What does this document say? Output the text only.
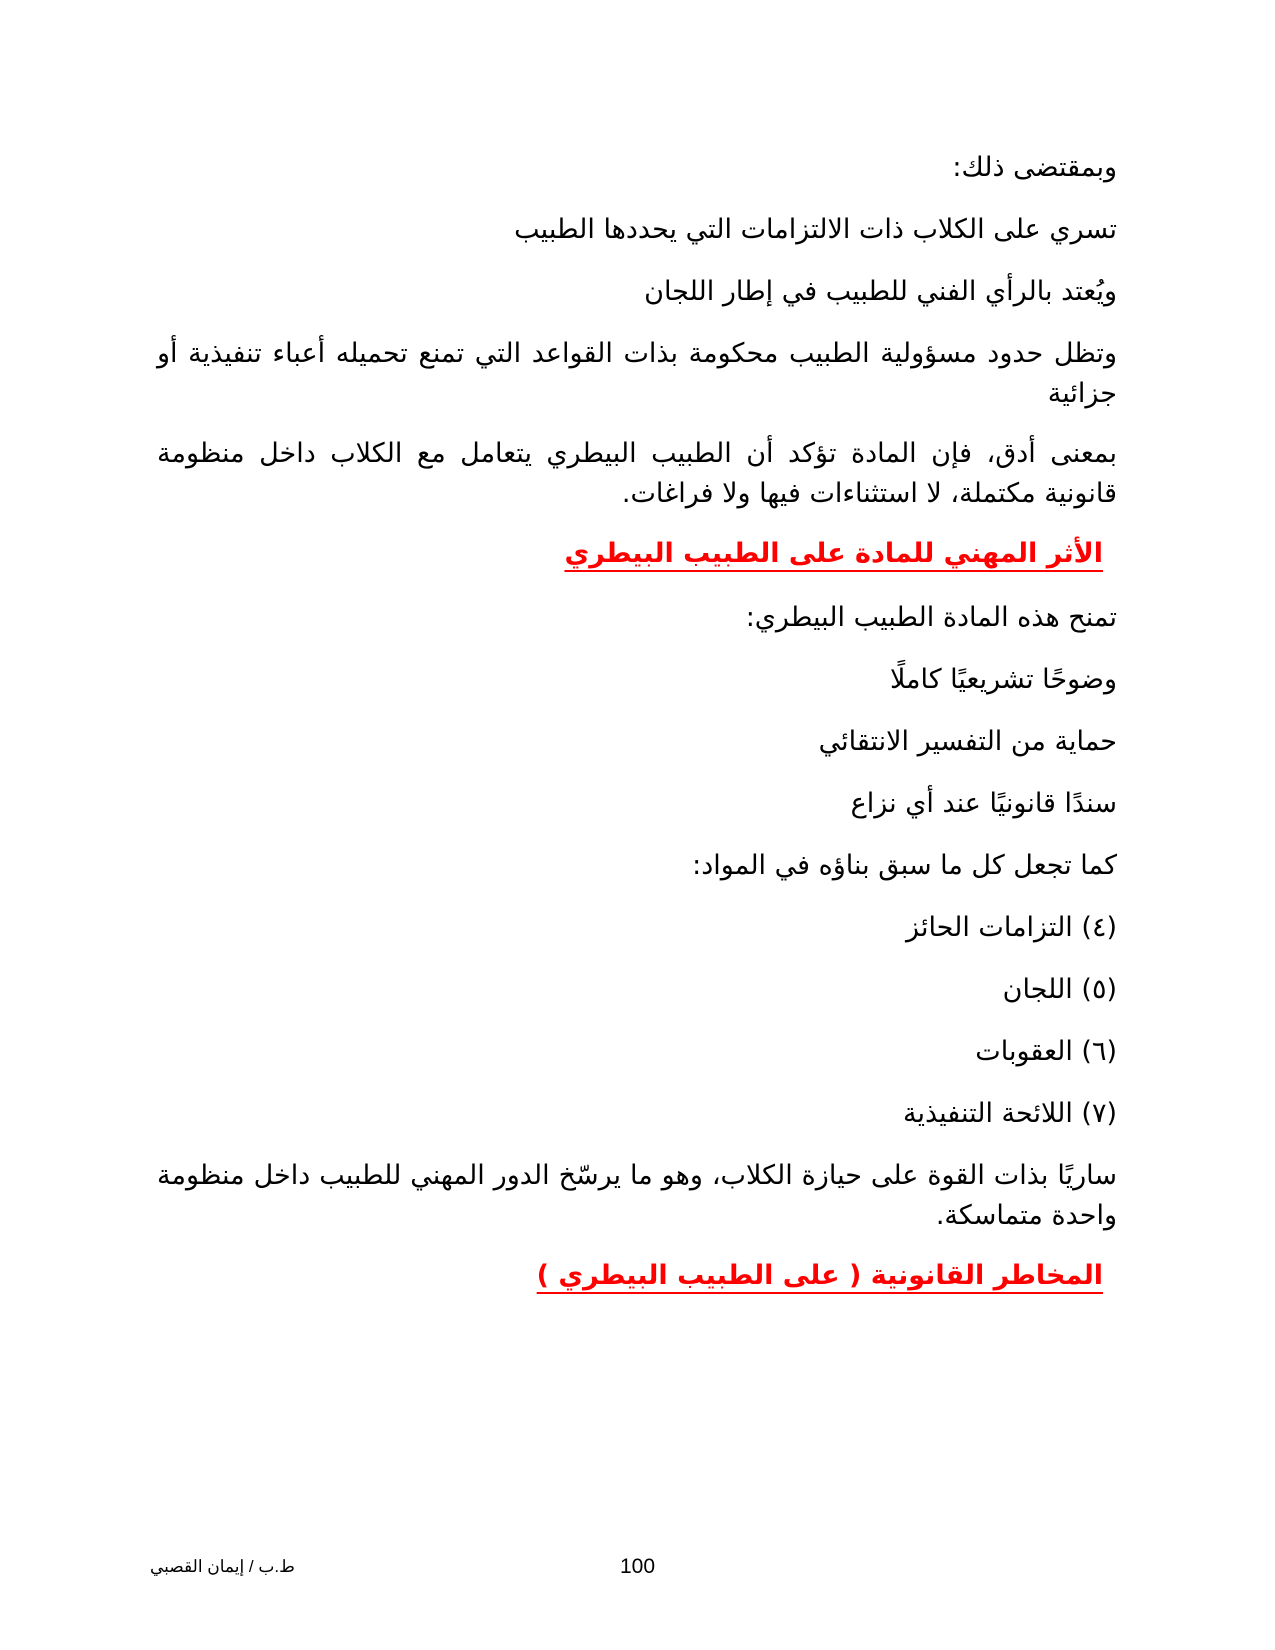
وبمقتضى ذلك:
تسري على الكلاب ذات الالتزامات التي يحددها الطبيب
ويُعتد بالرأي الفني للطبيب في إطار اللجان
وتظل حدود مسؤولية الطبيب محكومة بذات القواعد التي تمنع تحميله أعباء تنفيذية أو جزائية
بمعنى أدق، فإن المادة تؤكد أن الطبيب البيطري يتعامل مع الكلاب داخل منظومة قانونية مكتملة، لا استثناءات فيها ولا فراغات.
الأثر المهني للمادة على الطبيب البيطري
تمنح هذه المادة الطبيب البيطري:
وضوحًا تشريعيًا كاملًا
حماية من التفسير الانتقائي
سندًا قانونيًا عند أي نزاع
كما تجعل كل ما سبق بناؤه في المواد:
(٤) التزامات الحائز
(٥) اللجان
(٦) العقوبات
(٧) اللائحة التنفيذية
ساريًا بذات القوة على حيازة الكلاب، وهو ما يرسّخ الدور المهني للطبيب داخل منظومة واحدة متماسكة.
المخاطر القانونية ( على الطبيب البيطري )
100
ط.ب / إيمان القصبي
